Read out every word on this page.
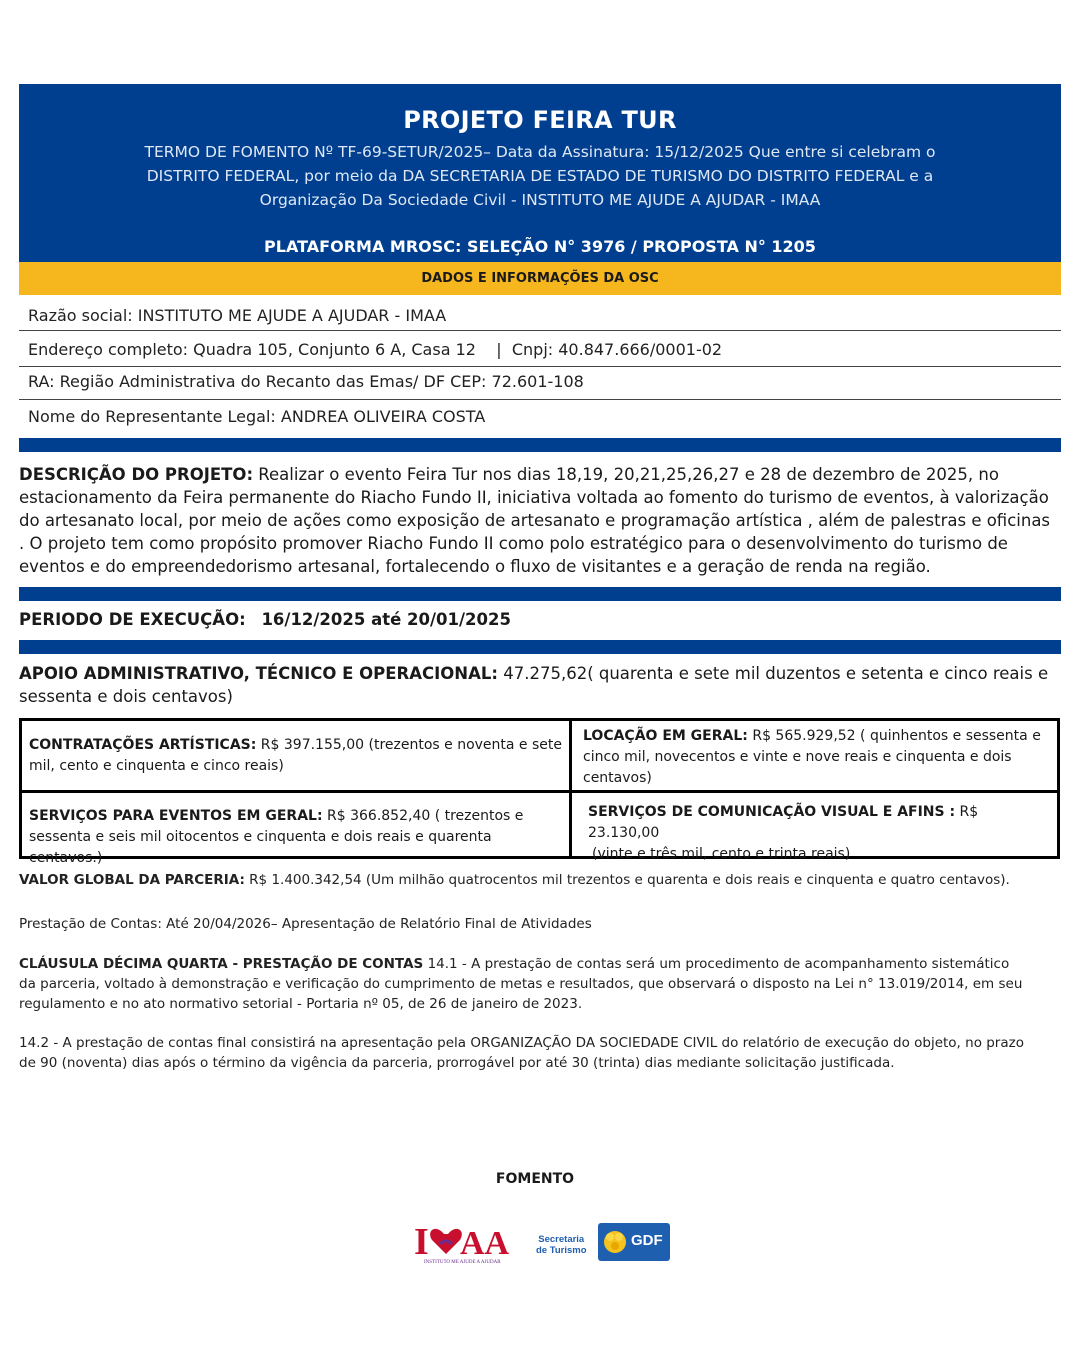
PROJETO FEIRA TUR
TERMO DE FOMENTO Nº TF-69-SETUR/2025– Data da Assinatura: 15/12/2025 Que entre si celebram o DISTRITO FEDERAL, por meio da DA SECRETARIA DE ESTADO DE TURISMO DO DISTRITO FEDERAL e a Organização Da Sociedade Civil - INSTITUTO ME AJUDE A AJUDAR - IMAA
PLATAFORMA MROSC: SELEÇÃO N° 3976 / PROPOSTA N° 1205
DADOS E INFORMAÇÕES DA OSC
Razão social: INSTITUTO ME AJUDE A AJUDAR - IMAA
Endereço completo: Quadra 105, Conjunto 6 A, Casa 12    |  Cnpj: 40.847.666/0001-02
RA: Região Administrativa do Recanto das Emas/ DF CEP: 72.601-108
Nome do Representante Legal: ANDREA OLIVEIRA COSTA
DESCRIÇÃO DO PROJETO: Realizar o evento Feira Tur nos dias 18,19, 20,21,25,26,27 e 28 de dezembro de 2025, no estacionamento da Feira permanente do Riacho Fundo II, iniciativa voltada ao fomento do turismo de eventos, à valorização do artesanato local, por meio de ações como exposição de artesanato e programação artística , além de palestras e oficinas . O projeto tem como propósito promover Riacho Fundo II como polo estratégico para o desenvolvimento do turismo de eventos e do empreendedorismo artesanal, fortalecendo o fluxo de visitantes e a geração de renda na região.
PERIODO DE EXECUÇÃO: 16/12/2025 até 20/01/2025
APOIO ADMINISTRATIVO, TÉCNICO E OPERACIONAL: 47.275,62( quarenta e sete mil duzentos e setenta e cinco reais e sessenta e dois centavos)
CONTRATAÇÕES ARTÍSTICAS: R$ 397.155,00 (trezentos e noventa e sete mil, cento e cinquenta e cinco reais)
LOCAÇÃO EM GERAL: R$ 565.929,52 ( quinhentos e sessenta e cinco mil, novecentos e vinte e nove reais e cinquenta e dois centavos)
SERVIÇOS PARA EVENTOS EM GERAL: R$ 366.852,40 ( trezentos e sessenta e seis mil oitocentos e cinquenta e dois reais e quarenta centavos.)
SERVIÇOS DE COMUNICAÇÃO VISUAL E AFINS : R$ 23.130,00
(vinte e três mil, cento e trinta reais)
VALOR GLOBAL DA PARCERIA: R$ 1.400.342,54 (Um milhão quatrocentos mil trezentos e quarenta e dois reais e cinquenta e quatro centavos).
Prestação de Contas: Até 20/04/2026– Apresentação de Relatório Final de Atividades
CLÁUSULA DÉCIMA QUARTA - PRESTAÇÃO DE CONTAS 14.1 - A prestação de contas será um procedimento de acompanhamento sistemático da parceria, voltado à demonstração e verificação do cumprimento de metas e resultados, que observará o disposto na Lei n° 13.019/2014, em seu regulamento e no ato normativo setorial - Portaria nº 05, de 26 de janeiro de 2023.
14.2 - A prestação de contas final consistirá na apresentação pela ORGANIZAÇÃO DA SOCIEDADE CIVIL do relatório de execução do objeto, no prazo de 90 (noventa) dias após o término da vigência da parceria, prorrogável por até 30 (trinta) dias mediante solicitação justificada.
FOMENTO
I AA
INSTITUTO ME AJUDE A AJUDAR
Secretaria
de Turismo
GDF
